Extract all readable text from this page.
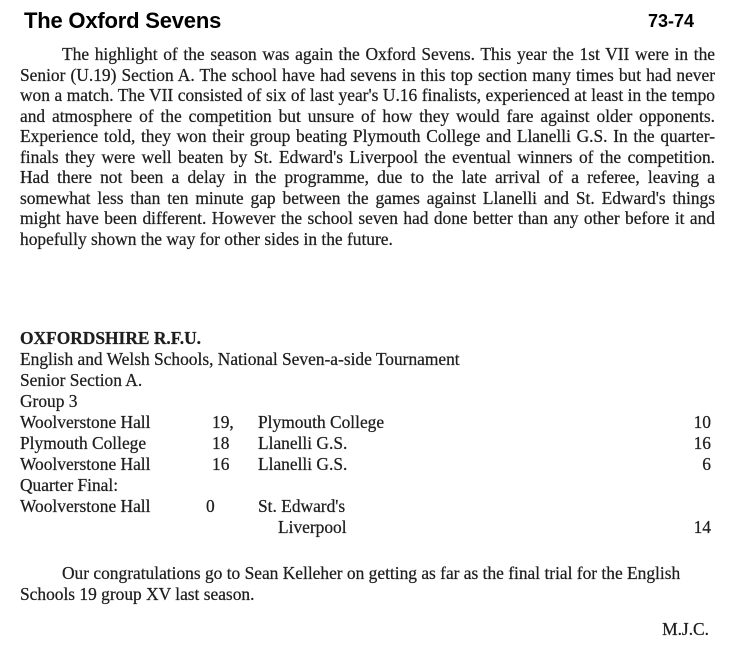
The Oxford Sevens	73-74

The highlight of the season was again the Oxford Sevens. This year the 1st VII were in the Senior (U.19) Section A. The school have had sevens in this top section many times but had never won a match. The VII consisted of six of last year's U.16 finalists, experienced at least in the tempo and atmosphere of the competition but unsure of how they would fare against older opponents. Experience told, they won their group beating Plymouth College and Llanelli G.S. In the quarter-finals they were well beaten by St. Edward's Liverpool the eventual winners of the competition. Had there not been a delay in the programme, due to the late arrival of a referee, leaving a somewhat less than ten minute gap between the games against Llanelli and St. Edward's things might have been different. However the school seven had done better than any other before it and hopefully shown the way for other sides in the future.

OXFORDSHIRE R.F.U.

English and Welsh Schools, National Seven-a-side Tournament

Senior Section A.

Group 3

Woolverstone Hall	19,	Plymouth College	10
Plymouth College	18	Llanelli G.S.	16
Woolverstone Hall	16	Llanelli G.S.	6
Quarter Final:
Woolverstone Hall	0	St. Edward's
Liverpool	14

Our congratulations go to Sean Kelleher on getting as far as the final trial for the English Schools 19 group XV last season.

M.J.C.
